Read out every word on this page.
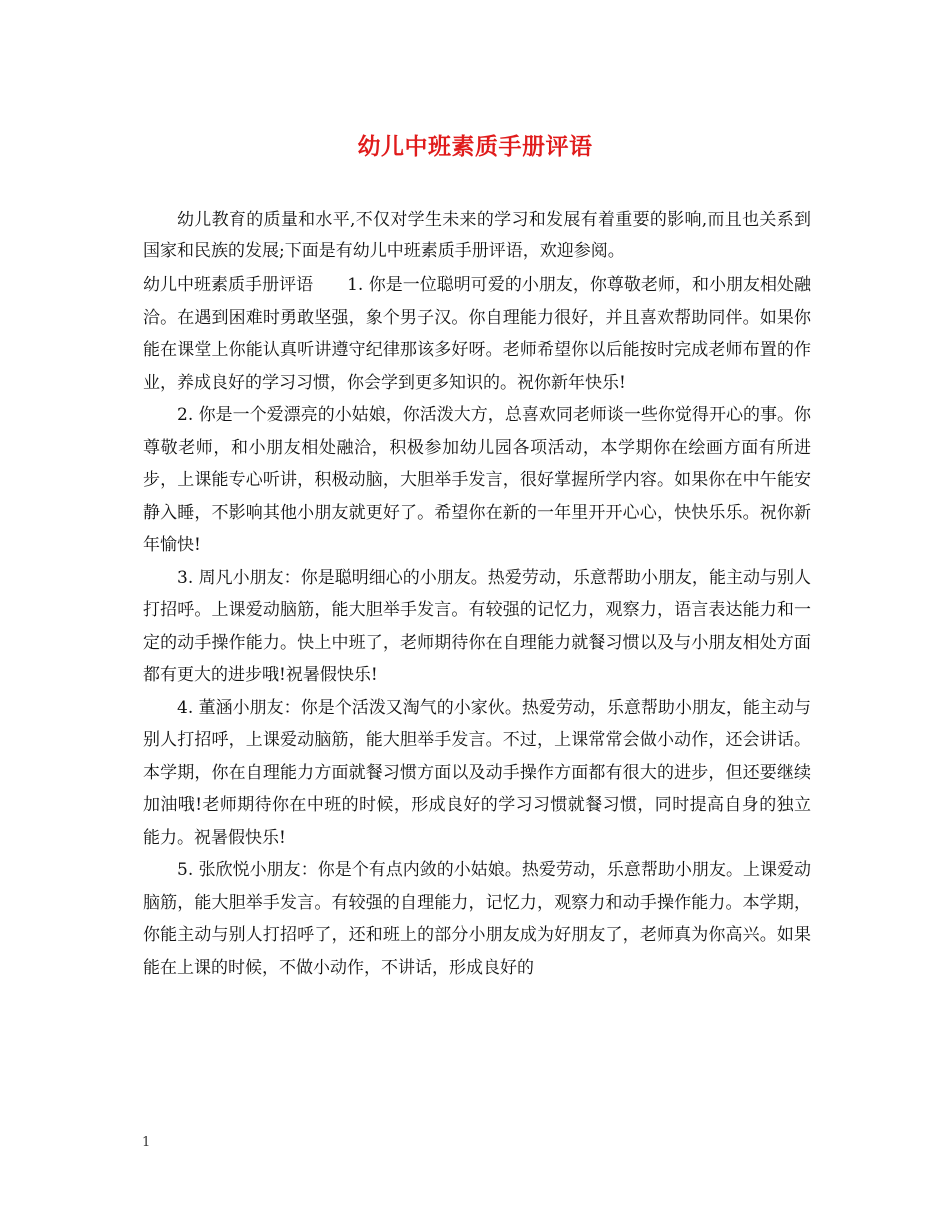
幼儿中班素质手册评语

幼儿教育的质量和水平,不仅对学生未来的学习和发展有着重要的影响,而且也关系到国家和民族的发展;下面是有幼儿中班素质手册评语，欢迎参阅。

幼儿中班素质手册评语 1. 你是一位聪明可爱的小朋友，你尊敬老师，和小朋友相处融洽。在遇到困难时勇敢坚强，象个男子汉。你自理能力很好，并且喜欢帮助同伴。如果你能在课堂上你能认真听讲遵守纪律那该多好呀。老师希望你以后能按时完成老师布置的作业，养成良好的学习习惯，你会学到更多知识的。祝你新年快乐!

2. 你是一个爱漂亮的小姑娘，你活泼大方，总喜欢同老师谈一些你觉得开心的事。你尊敬老师，和小朋友相处融洽，积极参加幼儿园各项活动，本学期你在绘画方面有所进步，上课能专心听讲，积极动脑，大胆举手发言，很好掌握所学内容。如果你在中午能安静入睡，不影响其他小朋友就更好了。希望你在新的一年里开开心心，快快乐乐。祝你新年愉快!

3. 周凡小朋友：你是聪明细心的小朋友。热爱劳动，乐意帮助小朋友，能主动与别人打招呼。上课爱动脑筋，能大胆举手发言。有较强的记忆力，观察力，语言表达能力和一定的动手操作能力。快上中班了，老师期待你在自理能力就餐习惯以及与小朋友相处方面都有更大的进步哦!祝暑假快乐!

4. 董涵小朋友：你是个活泼又淘气的小家伙。热爱劳动，乐意帮助小朋友，能主动与别人打招呼，上课爱动脑筋，能大胆举手发言。不过，上课常常会做小动作，还会讲话。本学期，你在自理能力方面就餐习惯方面以及动手操作方面都有很大的进步，但还要继续加油哦!老师期待你在中班的时候，形成良好的学习习惯就餐习惯，同时提高自身的独立能力。祝暑假快乐!

5. 张欣悦小朋友：你是个有点内敛的小姑娘。热爱劳动，乐意帮助小朋友。上课爱动脑筋，能大胆举手发言。有较强的自理能力，记忆力，观察力和动手操作能力。本学期，你能主动与别人打招呼了，还和班上的部分小朋友成为好朋友了，老师真为你高兴。如果能在上课的时候，不做小动作，不讲话，形成良好的

1
